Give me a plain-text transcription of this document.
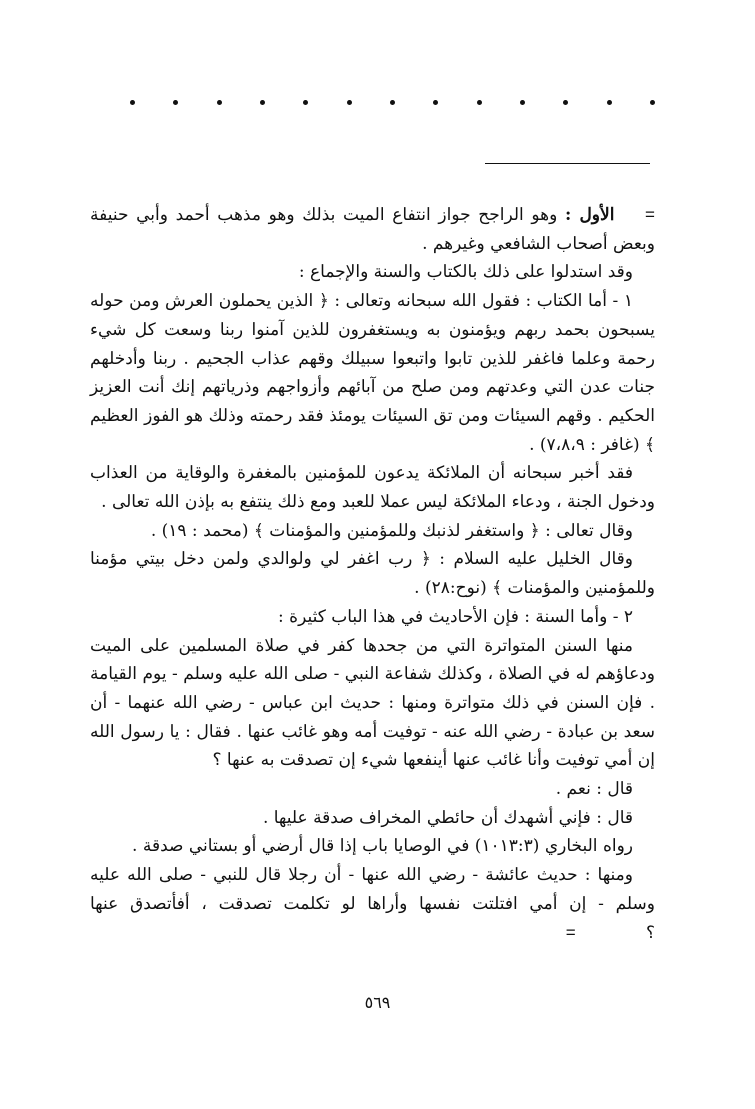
=    الأول : وهو الراجح جواز انتفاع الميت بذلك وهو مذهب أحمد وأبي حنيفة وبعض أصحاب الشافعي وغيرهم .

وقد استدلوا على ذلك بالكتاب والسنة والإجماع :

١ - أما الكتاب : فقول الله سبحانه وتعالى : ﴿ الذين يحملون العرش ومن حوله يسبحون بحمد ربهم ويؤمنون به ويستغفرون للذين آمنوا ربنا وسعت كل شيء رحمة وعلما فاغفر للذين تابوا واتبعوا سبيلك وقهم عذاب الجحيم . ربنا وأدخلهم جنات عدن التي وعدتهم ومن صلح من آبائهم وأزواجهم وذرياتهم إنك أنت العزيز الحكيم . وقهم السيئات ومن تق السيئات يومئذ فقد رحمته وذلك هو الفوز العظيم ﴾ (غافر : ٧،٨،٩) .

فقد أخبر سبحانه أن الملائكة يدعون للمؤمنين بالمغفرة والوقاية من العذاب ودخول الجنة ، ودعاء الملائكة ليس عملا للعبد ومع ذلك ينتفع به بإذن الله تعالى .

وقال تعالى : ﴿ واستغفر لذنبك وللمؤمنين والمؤمنات ﴾ (محمد : ١٩) .

وقال الخليل عليه السلام : ﴿ رب اغفر لي ولوالدي ولمن دخل بيتي مؤمنا وللمؤمنين والمؤمنات ﴾ (نوح:٢٨) .

٢ - وأما السنة : فإن الأحاديث في هذا الباب كثيرة :

منها السنن المتواترة التي من جحدها كفر في صلاة المسلمين على الميت ودعاؤهم له في الصلاة ، وكذلك شفاعة النبي - صلى الله عليه وسلم - يوم القيامة . فإن السنن في ذلك متواترة ومنها : حديث ابن عباس - رضي الله عنهما - أن سعد بن عبادة - رضي الله عنه - توفيت أمه وهو غائب عنها . فقال : يا رسول الله إن أمي توفيت وأنا غائب عنها أينفعها شيء إن تصدقت به عنها ؟

قال : نعم .

قال : فإني أشهدك أن حائطي المخراف صدقة عليها .

رواه البخاري (١٠١٣:٣) في الوصايا باب إذا قال أرضي أو بستاني صدقة .

ومنها : حديث عائشة - رضي الله عنها - أن رجلا قال للنبي - صلى الله عليه وسلم - إن أمي افتلتت نفسها وأراها لو تكلمت تصدقت ، أفأتصدق عنها ؟             =

٥٦٩
